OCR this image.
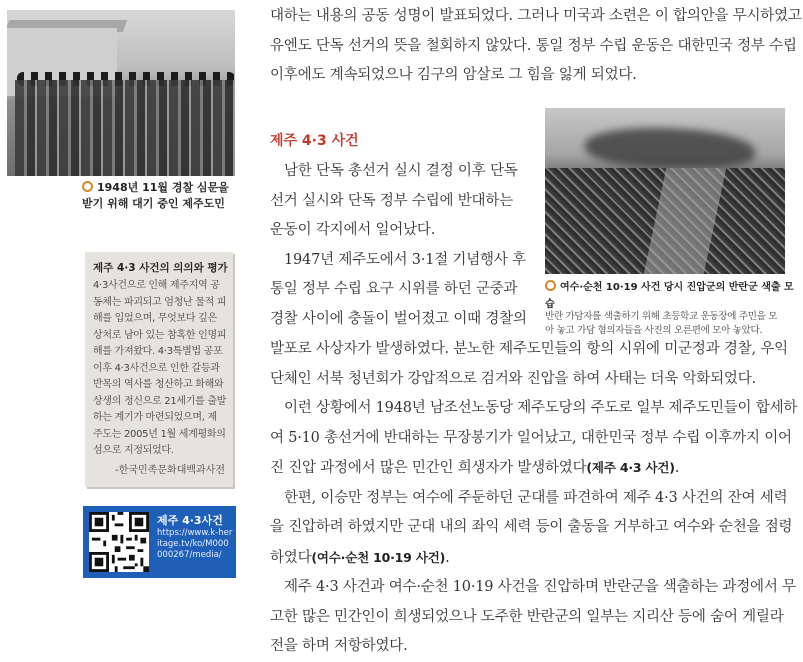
1948년 11월 경찰 심문을
받기 위해 대기 중인 제주도민
제주 4·3 사건의 의의와 평가
4·3사건으로 인해 제주지역 공
동체는 파괴되고 엄청난 물적 피
해를 입었으며, 무엇보다 깊은
상처로 남아 있는 참혹한 인명피
해를 가져왔다. 4·3특별법 공포
이후 4·3사건으로 인한 갈등과
반목의 역사를 청산하고 화해와
상생의 정신으로 21세기를 출발
하는 계기가 마련되었으며, 제
주도는 2005년 1월 세계평화의
섬으로 지정되었다.
-한국민족문화대백과사전
제주 4·3사건
https://www.k-heritage.tv/ko/M000000267/media/
대하는 내용의 공동 성명이 발표되었다. 그러나 미국과 소련은 이 합의안을 무시하였고
유엔도 단독 선거의 뜻을 철회하지 않았다. 통일 정부 수립 운동은 대한민국 정부 수립
이후에도 계속되었으나 김구의 암살로 그 힘을 잃게 되었다.
제주 4·3 사건
남한 단독 총선거 실시 결정 이후 단독
선거 실시와 단독 정부 수립에 반대하는
운동이 각지에서 일어났다.
1947년 제주도에서 3·1절 기념행사 후
통일 정부 수립 요구 시위를 하던 군중과
경찰 사이에 충돌이 벌어졌고 이때 경찰의
여수·순천 10·19 사건 당시 진압군의 반란군 색출 모습
반란 가담자를 색출하기 위해 초등학교 운동장에 주민을 모
아 놓고 가담 혐의자들을 사진의 오른편에 모아 놓았다.
발포로 사상자가 발생하였다. 분노한 제주도민들의 항의 시위에 미군정과 경찰, 우익
단체인 서북 청년회가 강압적으로 검거와 진압을 하여 사태는 더욱 악화되었다.
이런 상황에서 1948년 남조선노동당 제주도당의 주도로 일부 제주도민들이 합세하
여 5·10 총선거에 반대하는 무장봉기가 일어났고, 대한민국 정부 수립 이후까지 이어
진 진압 과정에서 많은 민간인 희생자가 발생하였다(제주 4·3 사건).
한편, 이승만 정부는 여수에 주둔하던 군대를 파견하여 제주 4·3 사건의 잔여 세력
을 진압하려 하였지만 군대 내의 좌익 세력 등이 출동을 거부하고 여수와 순천을 점령
하였다(여수·순천 10·19 사건).
제주 4·3 사건과 여수·순천 10·19 사건을 진압하며 반란군을 색출하는 과정에서 무
고한 많은 민간인이 희생되었으나 도주한 반란군의 일부는 지리산 등에 숨어 게릴라
전을 하며 저항하였다.
